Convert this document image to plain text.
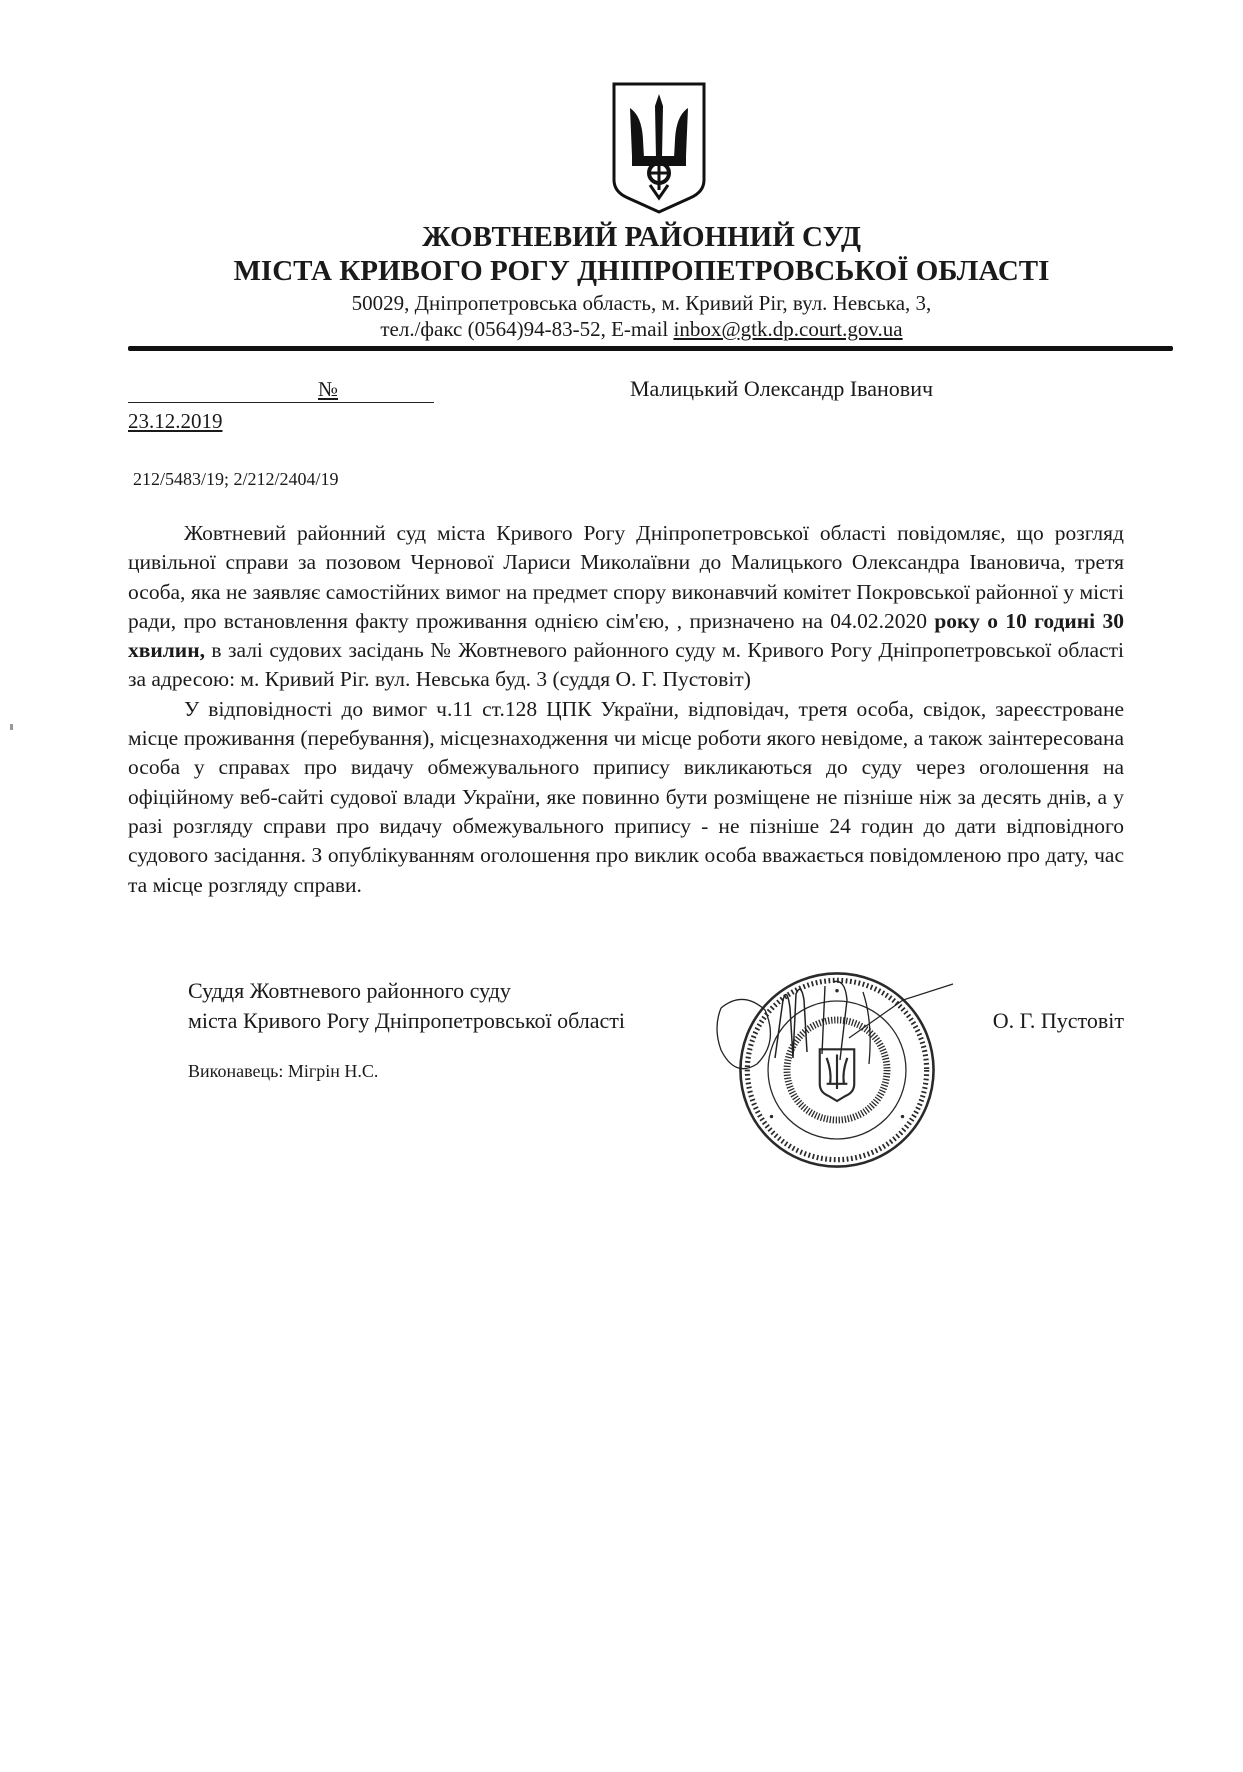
ЖОВТНЕВИЙ РАЙОННИЙ СУД
МІСТА КРИВОГО РОГУ ДНІПРОПЕТРОВСЬКОЇ ОБЛАСТІ
50029, Дніпропетровська область, м. Кривий Ріг, вул. Невська, 3,
тел./факс (0564)94-83-52, E-mail inbox@gtk.dp.court.gov.ua
№
23.12.2019
Малицький Олександр Іванович
212/5483/19; 2/212/2404/19

Жовтневий районний суд міста Кривого Рогу Дніпропетровської області повідомляє, що розгляд цивільної справи за позовом Чернової Лариси Миколаївни до Малицького Олександра Івановича, третя особа, яка не заявляє самостійних вимог на предмет спору виконавчий комітет Покровської районної у місті ради, про встановлення факту проживання однією сім'єю, , призначено на 04.02.2020 року о 10 годині 30 хвилин, в залі судових засідань № Жовтневого районного суду м. Кривого Рогу Дніпропетровської області за адресою: м. Кривий Ріг. вул. Невська буд. 3 (суддя О. Г. Пустовіт)

У відповідності до вимог ч.11 ст.128 ЦПК України, відповідач, третя особа, свідок, зареєстроване місце проживання (перебування), місцезнаходження чи місце роботи якого невідоме, а також заінтересована особа у справах про видачу обмежувального припису викликаються до суду через оголошення на офіційному веб-сайті судової влади України, яке повинно бути розміщене не пізніше ніж за десять днів, а у разі розгляду справи про видачу обмежувального припису - не пізніше 24 годин до дати відповідного судового засідання. З опублікуванням оголошення про виклик особа вважається повідомленою про дату, час та місце розгляду справи.

Суддя Жовтневого районного суду
міста Кривого Рогу Дніпропетровської області
Виконавець: Мігрін Н.С.
О. Г. Пустовіт
